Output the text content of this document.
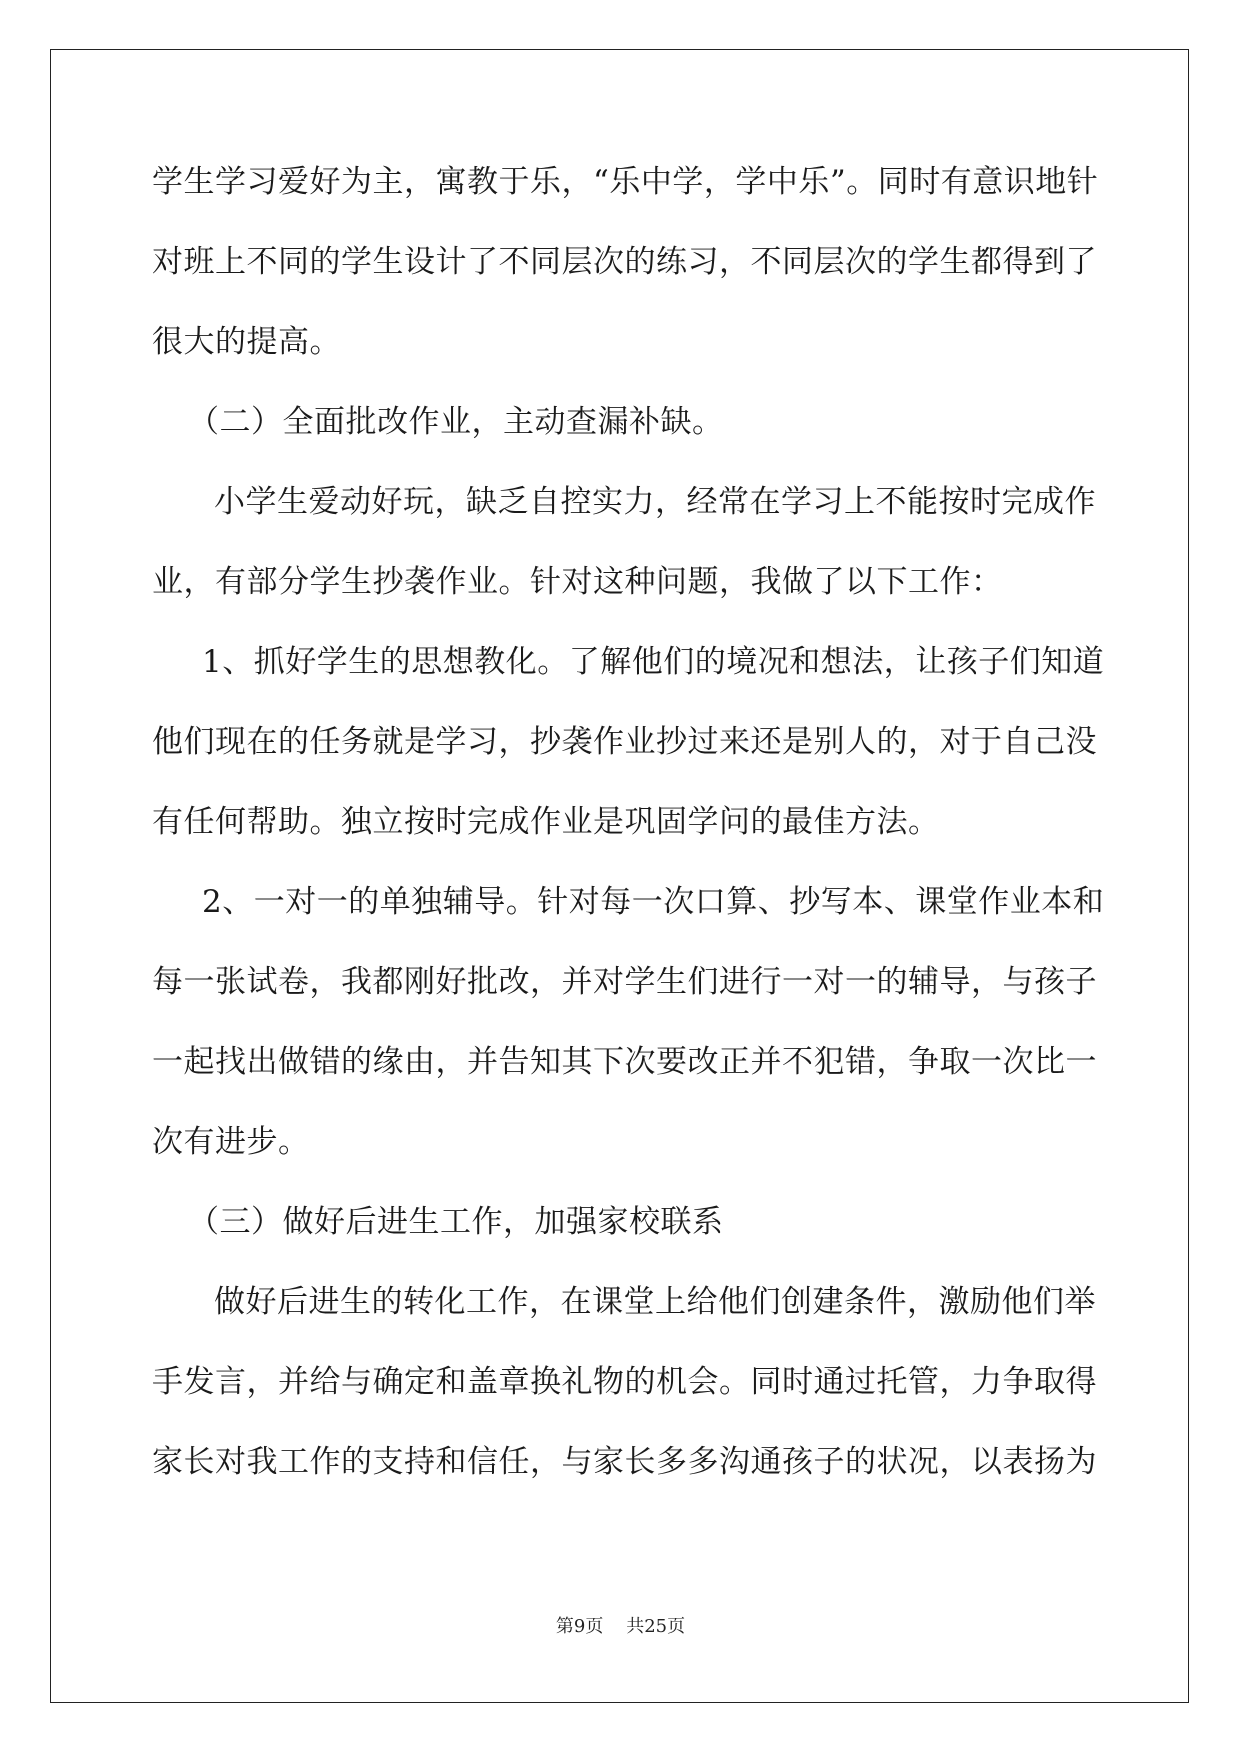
学生学习爱好为主，寓教于乐，“乐中学，学中乐”。同时有意识地针
对班上不同的学生设计了不同层次的练习，不同层次的学生都得到了
很大的提高。
（二）全面批改作业，主动查漏补缺。
小学生爱动好玩，缺乏自控实力，经常在学习上不能按时完成作
业，有部分学生抄袭作业。针对这种问题，我做了以下工作：
1、抓好学生的思想教化。了解他们的境况和想法，让孩子们知道
他们现在的任务就是学习，抄袭作业抄过来还是别人的，对于自己没
有任何帮助。独立按时完成作业是巩固学问的最佳方法。
2、一对一的单独辅导。针对每一次口算、抄写本、课堂作业本和
每一张试卷，我都刚好批改，并对学生们进行一对一的辅导，与孩子
一起找出做错的缘由，并告知其下次要改正并不犯错，争取一次比一
次有进步。
（三）做好后进生工作，加强家校联系
做好后进生的转化工作，在课堂上给他们创建条件，激励他们举
手发言，并给与确定和盖章换礼物的机会。同时通过托管，力争取得
家长对我工作的支持和信任，与家长多多沟通孩子的状况，以表扬为
第9页 共25页
